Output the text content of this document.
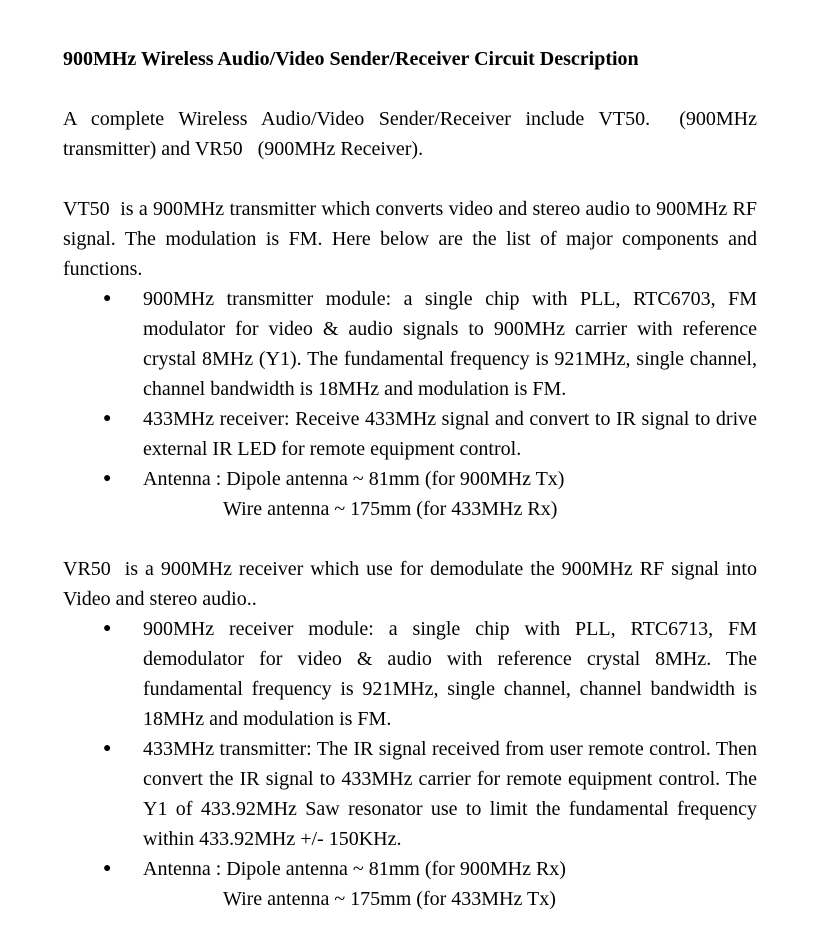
900MHz Wireless Audio/Video Sender/Receiver Circuit Description

A complete Wireless Audio/Video Sender/Receiver include VT50.  (900MHz transmitter) and VR50   (900MHz Receiver).

VT50  is a 900MHz transmitter which converts video and stereo audio to 900MHz RF signal. The modulation is FM. Here below are the list of major components and functions.

●	900MHz transmitter module: a single chip with PLL, RTC6703, FM modulator for video & audio signals to 900MHz carrier with reference crystal 8MHz (Y1). The fundamental frequency is 921MHz, single channel, channel bandwidth is 18MHz and modulation is FM.
●	433MHz receiver: Receive 433MHz signal and convert to IR signal to drive external IR LED for remote equipment control.
●	Antenna : Dipole antenna ~ 81mm (for 900MHz Tx)
Wire antenna ~ 175mm (for 433MHz Rx)

VR50  is a 900MHz receiver which use for demodulate the 900MHz RF signal into Video and stereo audio..

●	900MHz receiver module: a single chip with PLL, RTC6713, FM demodulator for video & audio with reference crystal 8MHz. The fundamental frequency is 921MHz, single channel, channel bandwidth is 18MHz and modulation is FM.
●	433MHz transmitter: The IR signal received from user remote control. Then convert the IR signal to 433MHz carrier for remote equipment control. The Y1 of 433.92MHz Saw resonator use to limit the fundamental frequency within 433.92MHz +/- 150KHz.
●	Antenna : Dipole antenna ~ 81mm (for 900MHz Rx)
Wire antenna ~ 175mm (for 433MHz Tx)
